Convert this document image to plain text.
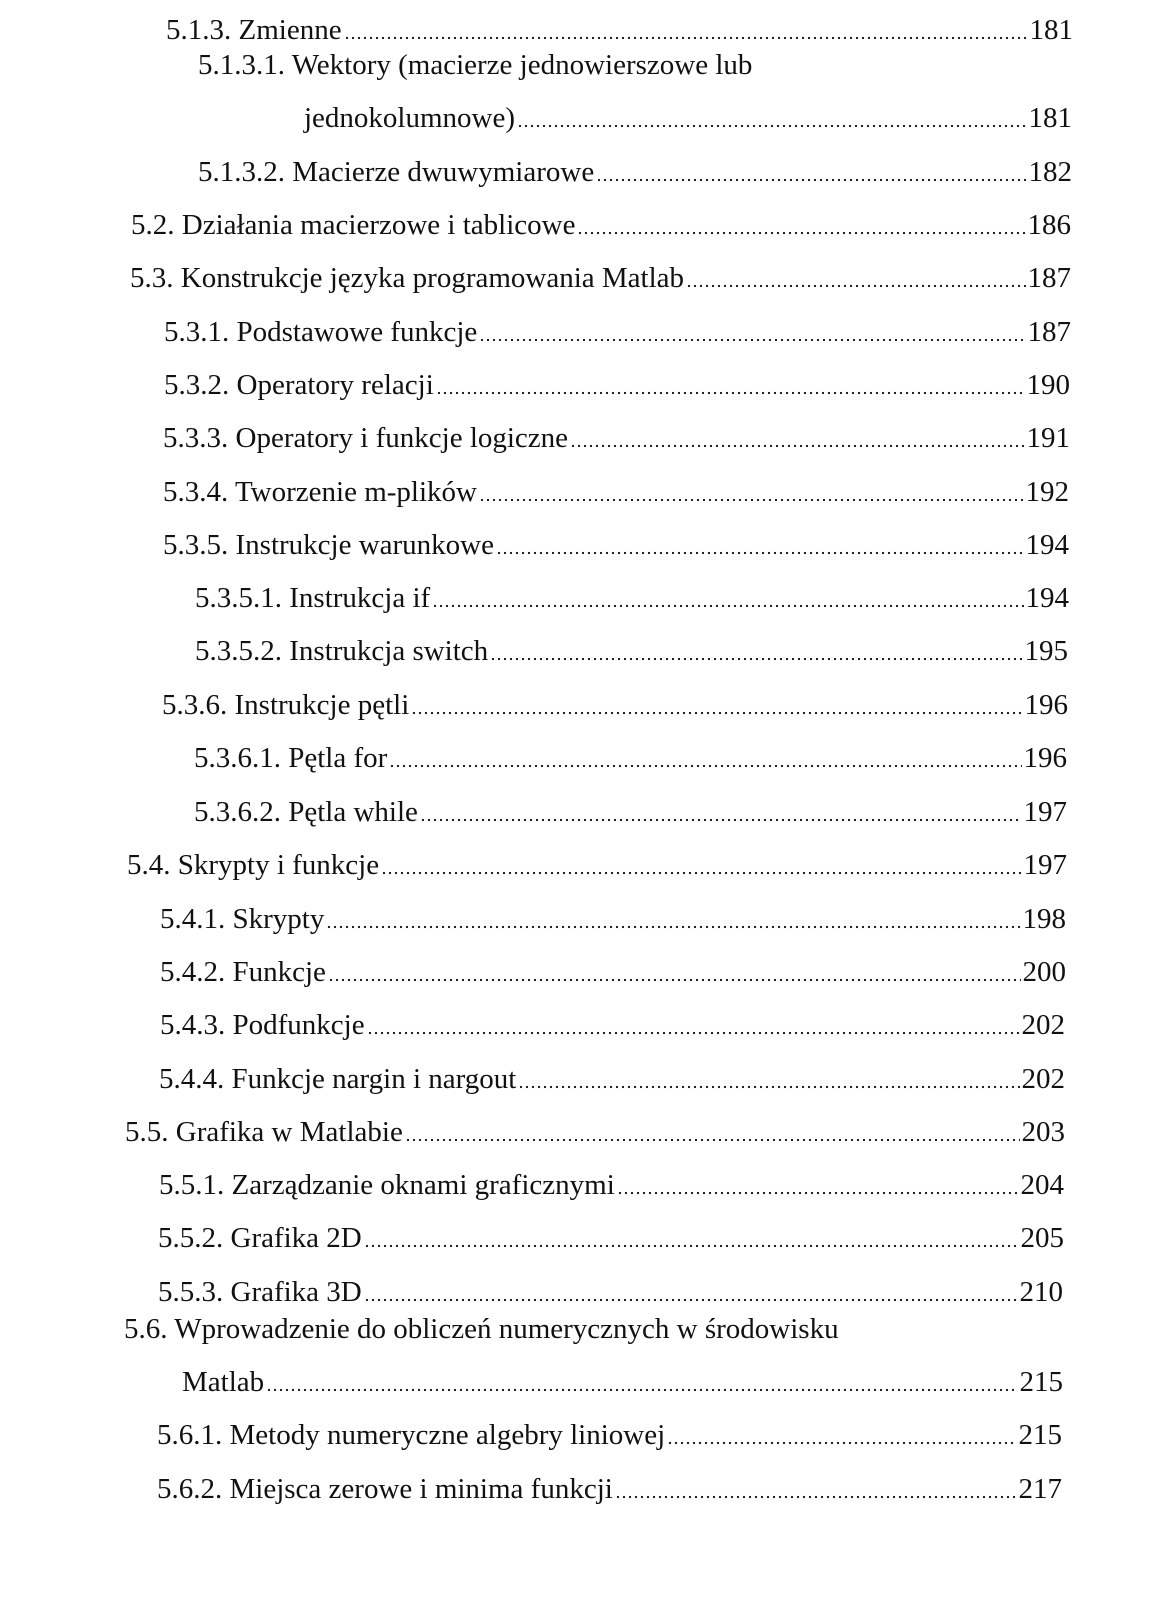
5.1.3. Zmienne	181
5.1.3.1. Wektory (macierze jednowierszowe lub
jednokolumnowe)	181
5.1.3.2. Macierze dwuwymiarowe	182
5.2. Działania macierzowe i tablicowe	186
5.3. Konstrukcje języka programowania Matlab	187
5.3.1. Podstawowe funkcje	187
5.3.2. Operatory relacji	190
5.3.3. Operatory i funkcje logiczne	191
5.3.4. Tworzenie m-plików	192
5.3.5. Instrukcje warunkowe	194
5.3.5.1. Instrukcja if	194
5.3.5.2. Instrukcja switch	195
5.3.6. Instrukcje pętli	196
5.3.6.1. Pętla for	196
5.3.6.2. Pętla while	197
5.4. Skrypty i funkcje	197
5.4.1. Skrypty	198
5.4.2. Funkcje	200
5.4.3. Podfunkcje	202
5.4.4. Funkcje nargin i nargout	202
5.5. Grafika w Matlabie	203
5.5.1. Zarządzanie oknami graficznymi	204
5.5.2. Grafika 2D	205
5.5.3. Grafika 3D	210
5.6. Wprowadzenie do obliczeń numerycznych w środowisku
Matlab	215
5.6.1. Metody numeryczne algebry liniowej	215
5.6.2. Miejsca zerowe i minima funkcji	217
